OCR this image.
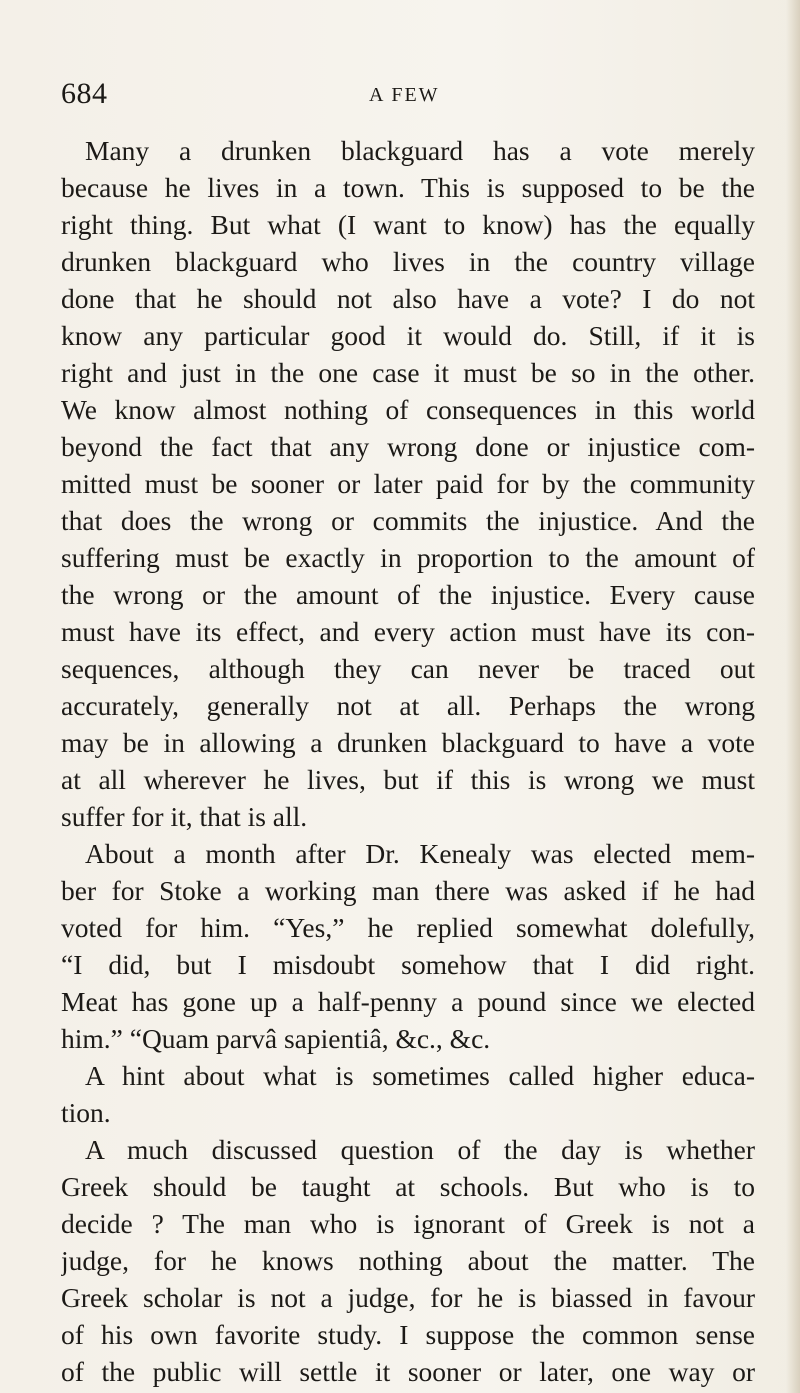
684	A FEW
Many a drunken blackguard has a vote merely
because he lives in a town. This is supposed to be the
right thing. But what (I want to know) has the equally
drunken blackguard who lives in the country village
done that he should not also have a vote? I do not
know any particular good it would do. Still, if it is
right and just in the one case it must be so in the other.
We know almost nothing of consequences in this world
beyond the fact that any wrong done or injustice com-
mitted must be sooner or later paid for by the community
that does the wrong or commits the injustice. And the
suffering must be exactly in proportion to the amount of
the wrong or the amount of the injustice. Every cause
must have its effect, and every action must have its con-
sequences, although they can never be traced out
accurately, generally not at all. Perhaps the wrong
may be in allowing a drunken blackguard to have a vote
at all wherever he lives, but if this is wrong we must
suffer for it, that is all.
About a month after Dr. Kenealy was elected mem-
ber for Stoke a working man there was asked if he had
voted for him. “Yes,” he replied somewhat dolefully,
“I did, but I misdoubt somehow that I did right.
Meat has gone up a half-penny a pound since we elected
him.” “Quam parvâ sapientiâ, &c., &c.
A hint about what is sometimes called higher educa-
tion.
A much discussed question of the day is whether
Greek should be taught at schools. But who is to
decide ? The man who is ignorant of Greek is not a
judge, for he knows nothing about the matter. The
Greek scholar is not a judge, for he is biassed in favour
of his own favorite study. I suppose the common sense
of the public will settle it sooner or later, one way or
